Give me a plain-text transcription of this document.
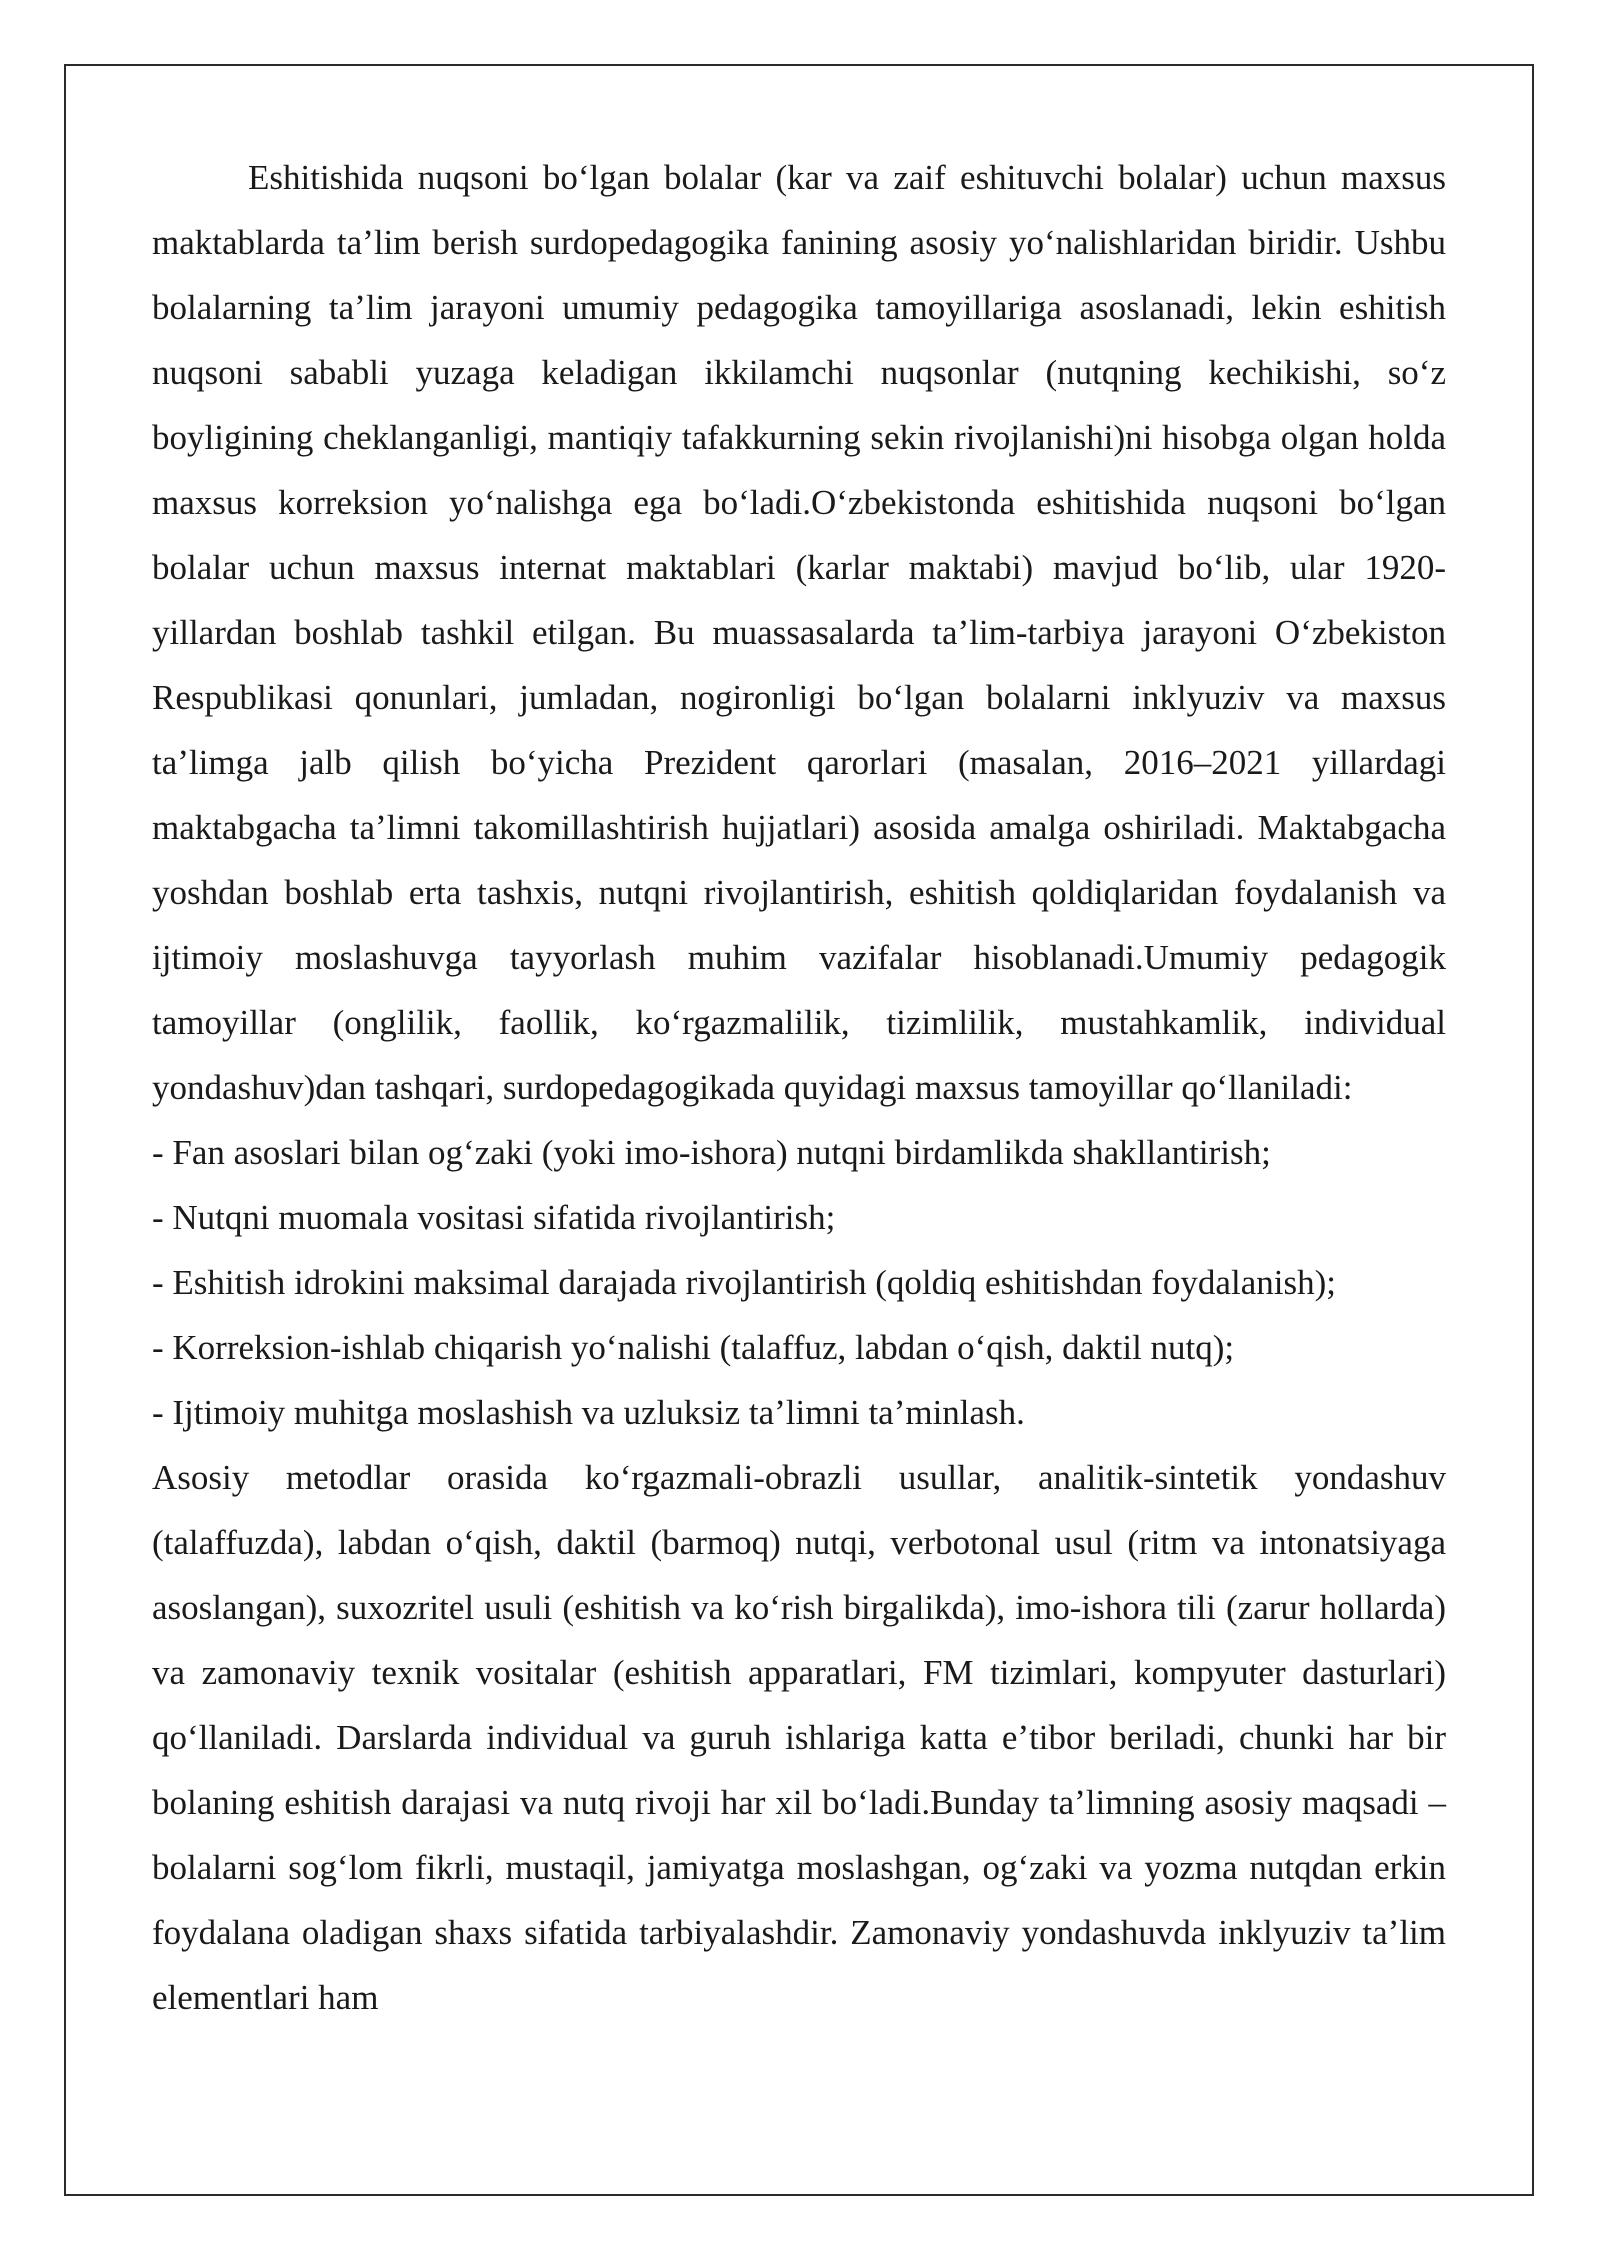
Eshitishida nuqsoni boʻlgan bolalar (kar va zaif eshituvchi bolalar) uchun maxsus maktablarda taʼlim berish surdopedagogika fanining asosiy yoʻnalishlaridan biridir. Ushbu bolalarning taʼlim jarayoni umumiy pedagogika tamoyillariga asoslanadi, lekin eshitish nuqsoni sababli yuzaga keladigan ikkilamchi nuqsonlar (nutqning kechikishi, soʻz boyligining cheklanganligi, mantiqiy tafakkurning sekin rivojlanishi)ni hisobga olgan holda maxsus korreksion yoʻnalishga ega boʻladi.Oʻzbekistonda eshitishida nuqsoni boʻlgan bolalar uchun maxsus internat maktablari (karlar maktabi) mavjud boʻlib, ular 1920-yillardan boshlab tashkil etilgan. Bu muassasalarda taʼlim-tarbiya jarayoni Oʻzbekiston Respublikasi qonunlari, jumladan, nogironligi boʻlgan bolalarni inklyuziv va maxsus taʼlimga jalb qilish boʻyicha Prezident qarorlari (masalan, 2016–2021 yillardagi maktabgacha taʼlimni takomillashtirish hujjatlari) asosida amalga oshiriladi. Maktabgacha yoshdan boshlab erta tashxis, nutqni rivojlantirish, eshitish qoldiqlaridan foydalanish va ijtimoiy moslashuvga tayyorlash muhim vazifalar hisoblanadi.Umumiy pedagogik tamoyillar (onglilik, faollik, koʻrgazmalilik, tizimlilik, mustahkamlik, individual yondashuv)dan tashqari, surdopedagogikada quyidagi maxsus tamoyillar qoʻllaniladi:

- Fan asoslari bilan ogʻzaki (yoki imo-ishora) nutqni birdamlikda shakllantirish;

- Nutqni muomala vositasi sifatida rivojlantirish;

- Eshitish idrokini maksimal darajada rivojlantirish (qoldiq eshitishdan foydalanish);

- Korreksion-ishlab chiqarish yoʻnalishi (talaffuz, labdan oʻqish, daktil nutq);

- Ijtimoiy muhitga moslashish va uzluksiz taʼlimni taʼminlash.

Asosiy metodlar orasida koʻrgazmali-obrazli usullar, analitik-sintetik yondashuv (talaffuzda), labdan oʻqish, daktil (barmoq) nutqi, verbotonal usul (ritm va intonatsiyaga asoslangan), suxozritel usuli (eshitish va koʻrish birgalikda), imo-ishora tili (zarur hollarda) va zamonaviy texnik vositalar (eshitish apparatlari, FM tizimlari, kompyuter dasturlari) qoʻllaniladi. Darslarda individual va guruh ishlariga katta eʼtibor beriladi, chunki har bir bolaning eshitish darajasi va nutq rivoji har xil boʻladi.Bunday taʼlimning asosiy maqsadi – bolalarni sogʻlom fikrli, mustaqil, jamiyatga moslashgan, ogʻzaki va yozma nutqdan erkin foydalana oladigan shaxs sifatida tarbiyalashdir. Zamonaviy yondashuvda inklyuziv taʼlim elementlari ham
